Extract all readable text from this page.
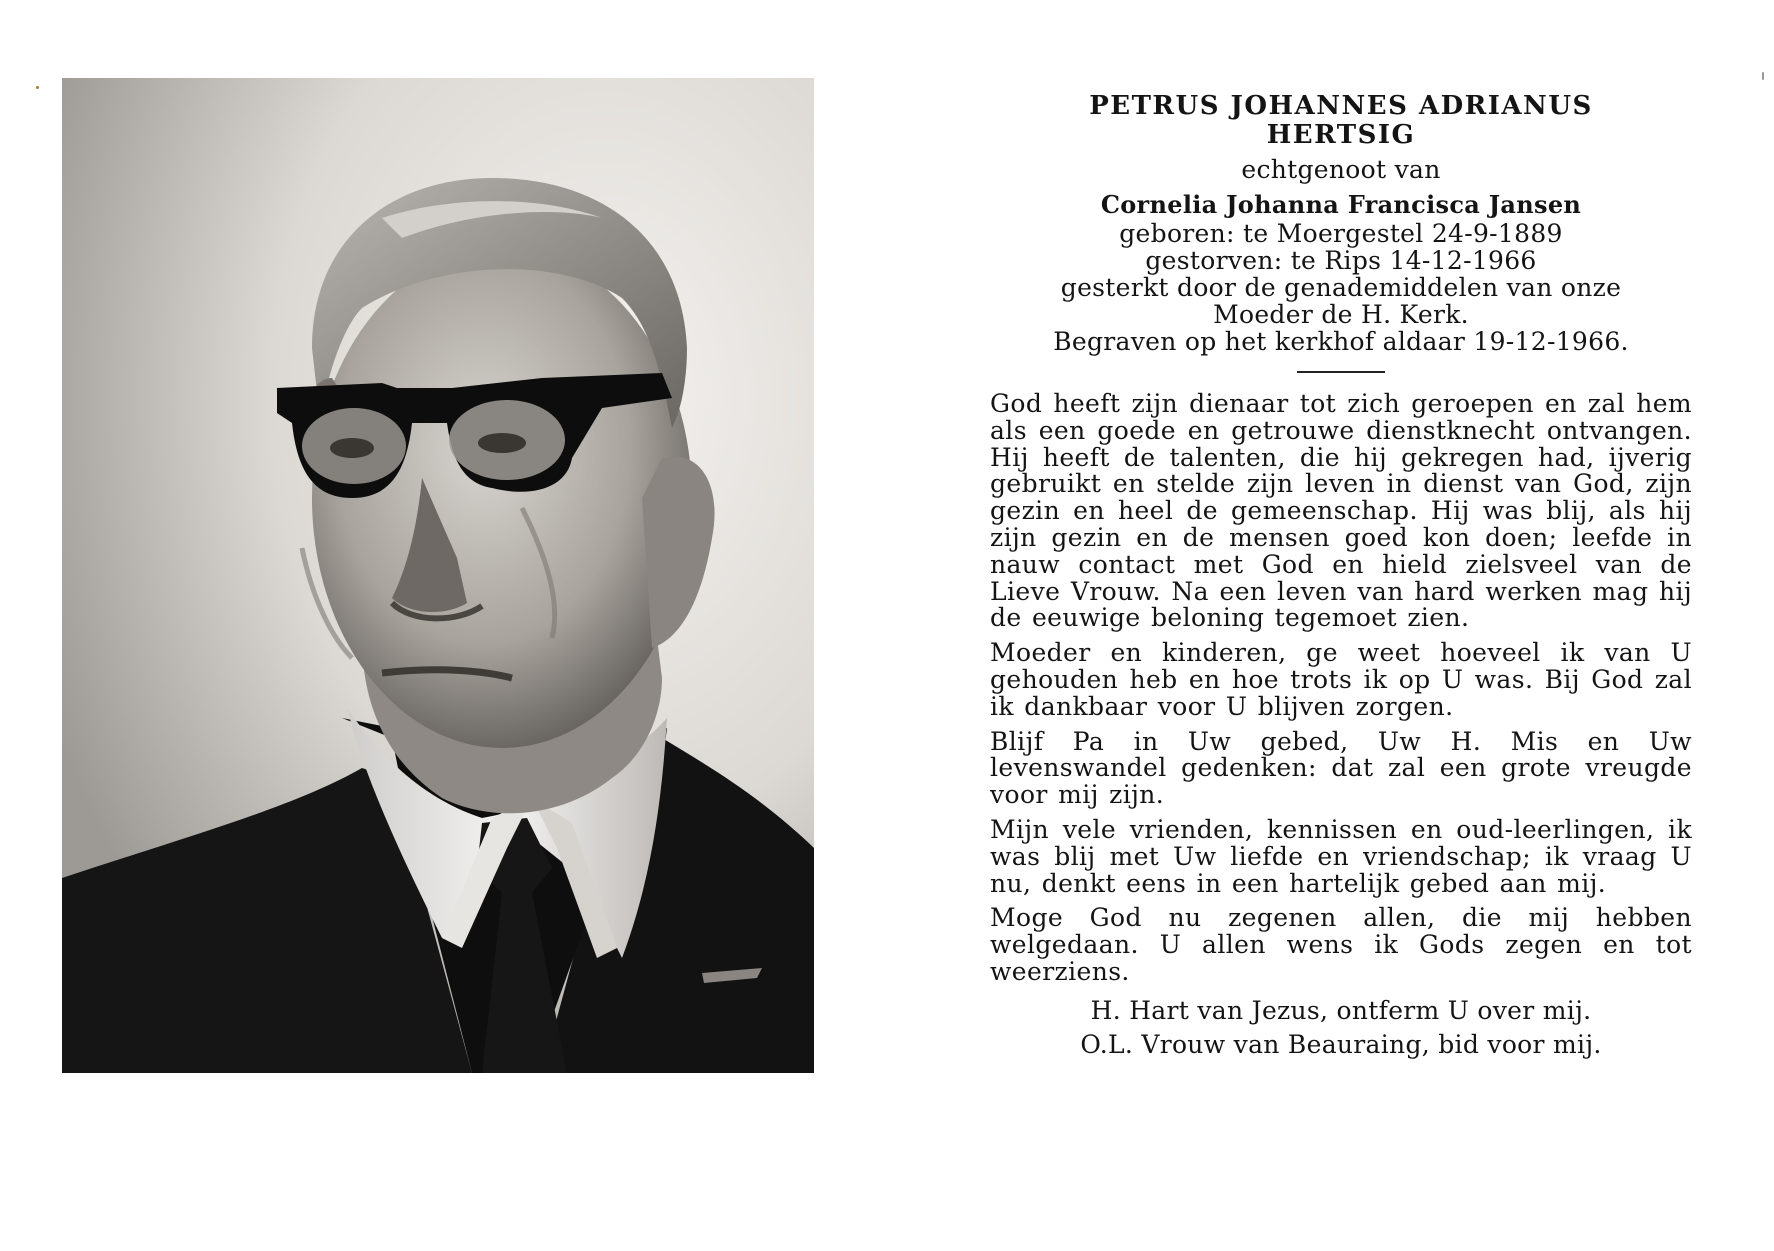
PETRUS JOHANNES ADRIANUS

HERTSIG

echtgenoot van

Cornelia Johanna Francisca Jansen

geboren: te Moergestel 24-9-1889

gestorven: te Rips 14-12-1966

gesterkt door de genademiddelen van onze

Moeder de H. Kerk.

Begraven op het kerkhof aldaar 19-12-1966.

God heeft zijn dienaar tot zich geroepen en zal hem als een goede en getrouwe dienstknecht ontvangen. Hij heeft de talenten, die hij gekregen had, ijverig gebruikt en stelde zijn leven in dienst van God, zijn gezin en heel de gemeenschap. Hij was blij, als hij zijn gezin en de mensen goed kon doen; leefde in nauw contact met God en hield zielsveel van de Lieve Vrouw. Na een leven van hard werken mag hij de eeuwige beloning tegemoet zien.

Moeder en kinderen, ge weet hoeveel ik van U gehouden heb en hoe trots ik op U was. Bij God zal ik dankbaar voor U blijven zorgen.

Blijf Pa in Uw gebed, Uw H. Mis en Uw levenswandel gedenken: dat zal een grote vreugde voor mij zijn.

Mijn vele vrienden, kennissen en oud-leerlingen, ik was blij met Uw liefde en vriendschap; ik vraag U nu, denkt eens in een hartelijk gebed aan mij.

Moge God nu zegenen allen, die mij hebben welgedaan. U allen wens ik Gods zegen en tot weerziens.

H. Hart van Jezus, ontferm U over mij.

O.L. Vrouw van Beauraing, bid voor mij.
